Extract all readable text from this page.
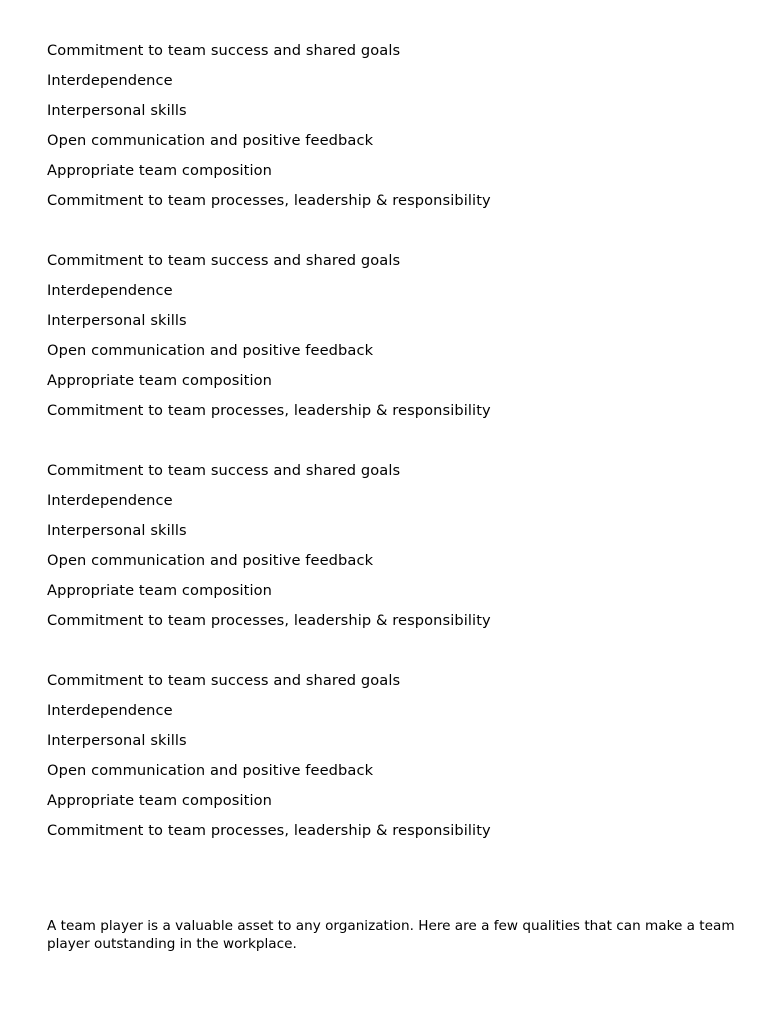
Commitment to team success and shared goals
Interdependence
Interpersonal skills
Open communication and positive feedback
Appropriate team composition
Commitment to team processes, leadership & responsibility
Commitment to team success and shared goals
Interdependence
Interpersonal skills
Open communication and positive feedback
Appropriate team composition
Commitment to team processes, leadership & responsibility
Commitment to team success and shared goals
Interdependence
Interpersonal skills
Open communication and positive feedback
Appropriate team composition
Commitment to team processes, leadership & responsibility
Commitment to team success and shared goals
Interdependence
Interpersonal skills
Open communication and positive feedback
Appropriate team composition
Commitment to team processes, leadership & responsibility

A team player is a valuable asset to any organization. Here are a few qualities that can make a team player outstanding in the workplace.
